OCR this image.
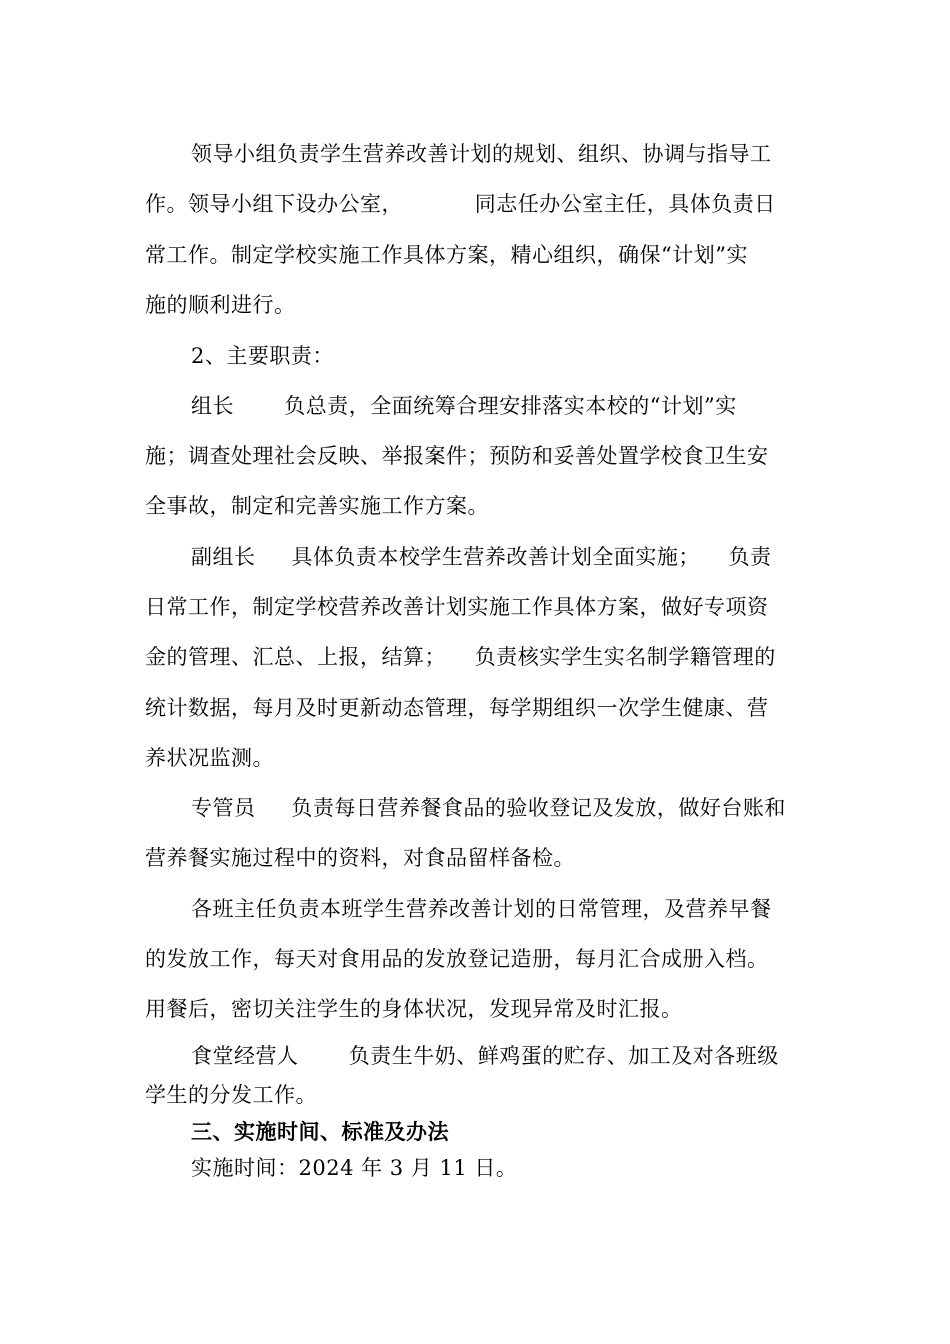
领导小组负责学生营养改善计划的规划、组织、协调与指导工
作。领导小组下设办公室，          同志任办公室主任，具体负责日
常工作。制定学校实施工作具体方案，精心组织，确保“计划”实
施的顺利进行。
2、主要职责：
组长       负总责，全面统筹合理安排落实本校的“计划”实
施；调查处理社会反映、举报案件；预防和妥善处置学校食卫生安
全事故，制定和完善实施工作方案。
副组长     具体负责本校学生营养改善计划全面实施；    负责
日常工作，制定学校营养改善计划实施工作具体方案，做好专项资
金的管理、汇总、上报，结算；    负责核实学生实名制学籍管理的
统计数据，每月及时更新动态管理，每学期组织一次学生健康、营
养状况监测。
专管员     负责每日营养餐食品的验收登记及发放，做好台账和
营养餐实施过程中的资料，对食品留样备检。
各班主任负责本班学生营养改善计划的日常管理，及营养早餐
的发放工作，每天对食用品的发放登记造册，每月汇合成册入档。
用餐后，密切关注学生的身体状况，发现异常及时汇报。
食堂经营人       负责生牛奶、鲜鸡蛋的贮存、加工及对各班级
学生的分发工作。
三、实施时间、标准及办法
实施时间：2024 年 3 月 11 日。
